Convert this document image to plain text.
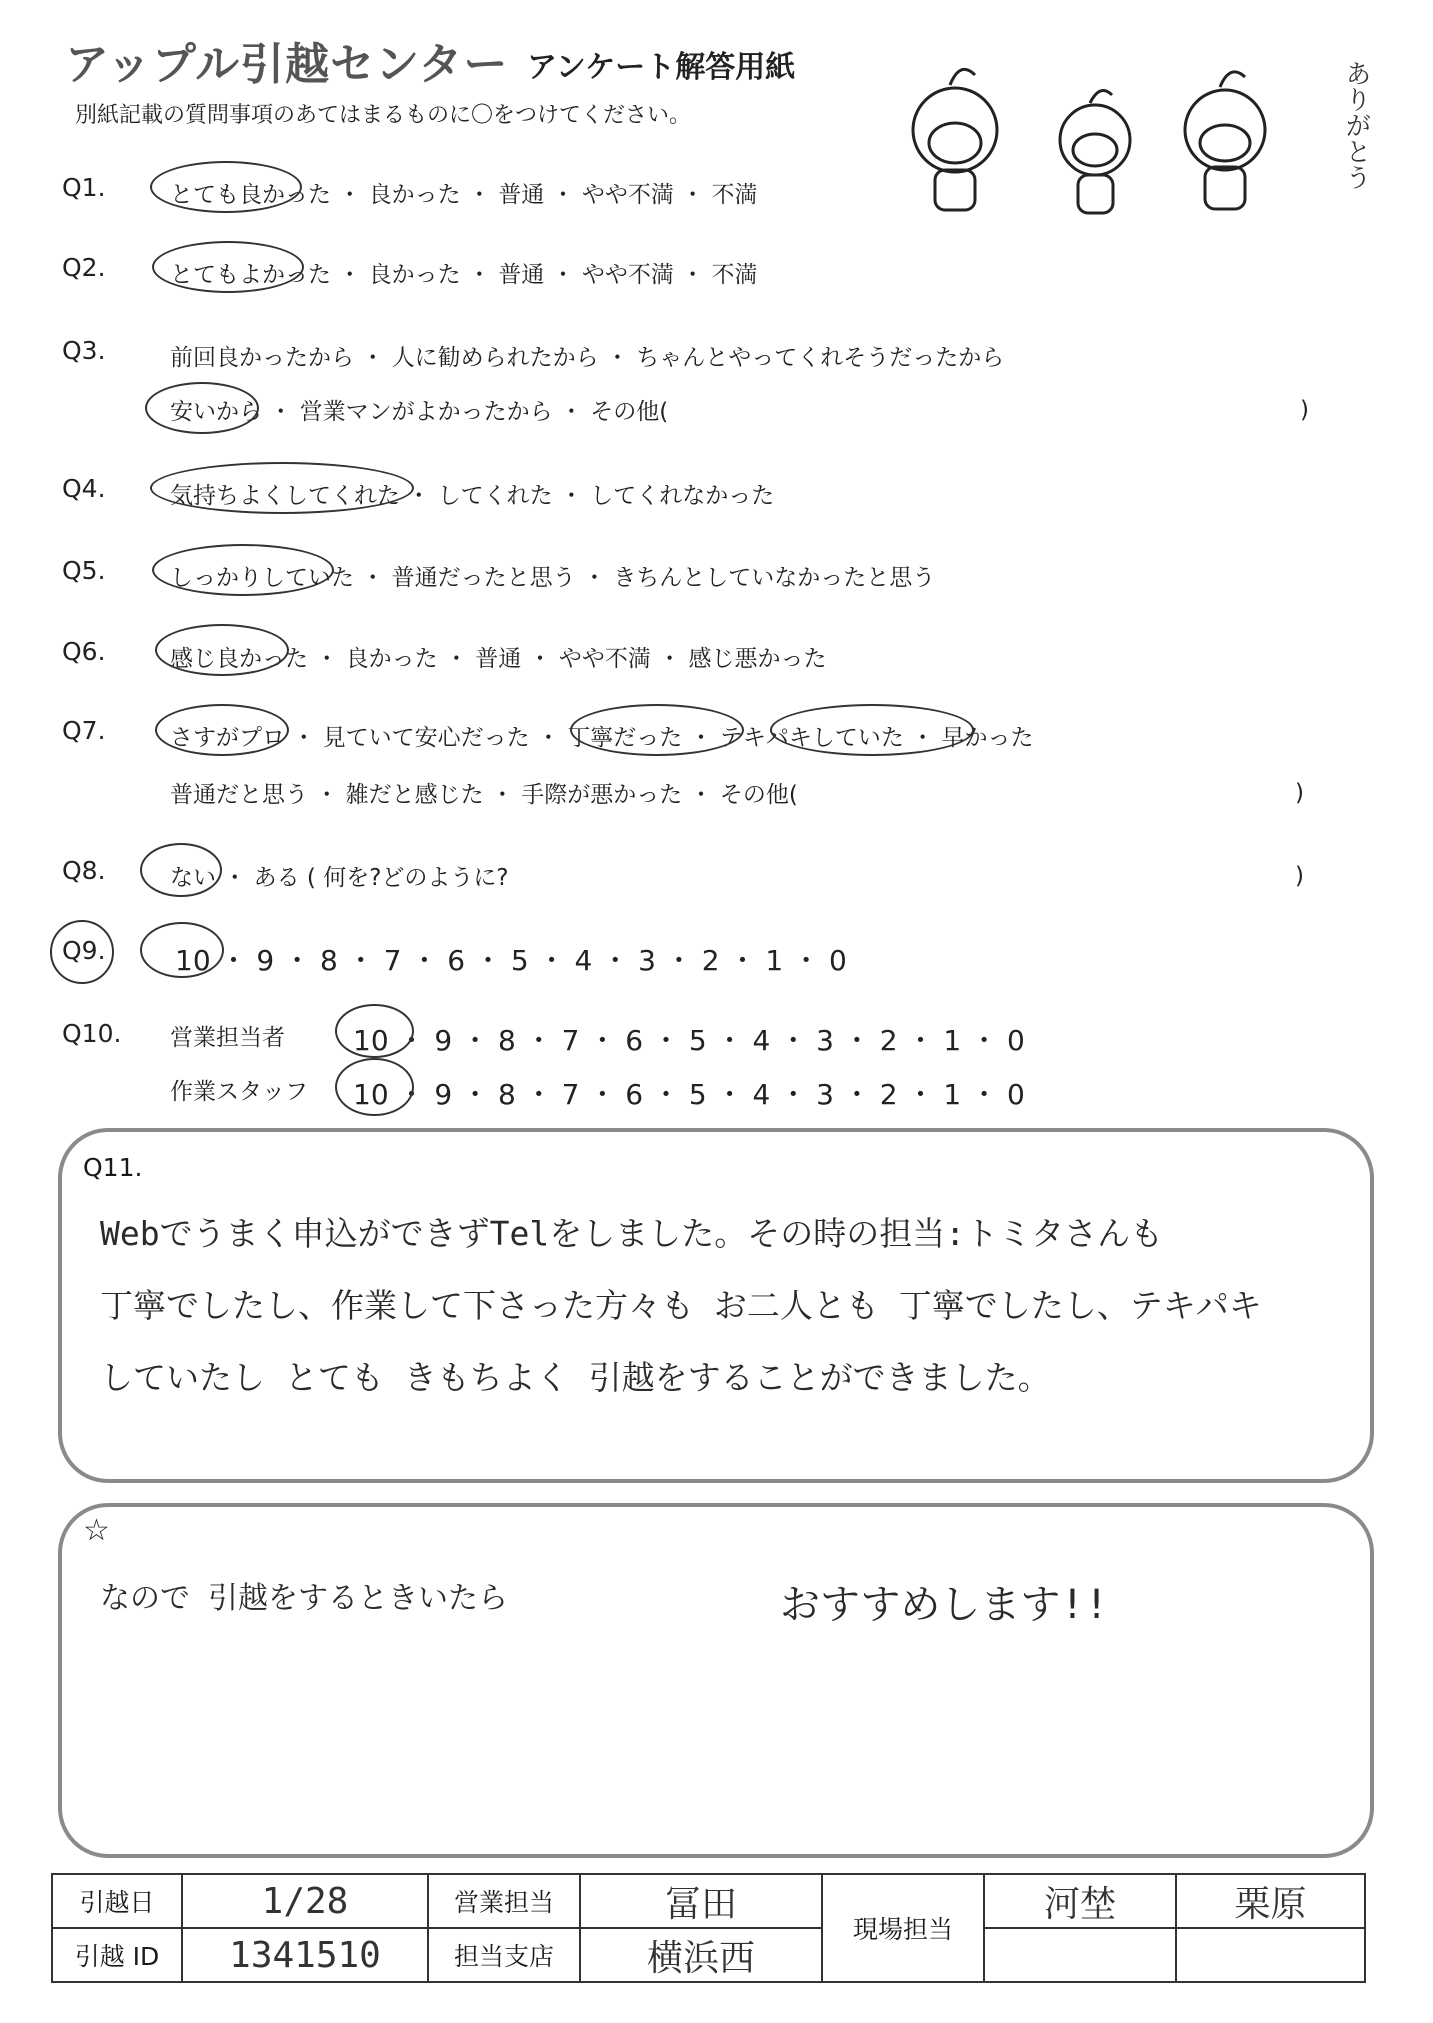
アップル引越センター アンケート解答用紙
別紙記載の質問事項のあてはまるものに〇をつけてください。	ありがとう
Q1.	とても良かった ・ 良かった ・ 普通 ・ やや不満 ・ 不満
Q2.	とてもよかった ・ 良かった ・ 普通 ・ やや不満 ・ 不満
Q3.	前回良かったから ・ 人に勧められたから ・ ちゃんとやってくれそうだったから
安いから ・ 営業マンがよかったから ・ その他(	)
Q4.	気持ちよくしてくれた ・ してくれた ・ してくれなかった
Q5.	しっかりしていた ・ 普通だったと思う ・ きちんとしていなかったと思う
Q6.	感じ良かった ・ 良かった ・ 普通 ・ やや不満 ・ 感じ悪かった
Q7.	さすがプロ ・ 見ていて安心だった ・ 丁寧だった ・ テキパキしていた ・ 早かった
普通だと思う ・ 雑だと感じた ・ 手際が悪かった ・ その他(	)
Q8.	ない ・ ある ( 何を?どのように?	)
Q9. 10 ・ 9 ・ 8 ・ 7 ・ 6 ・ 5 ・ 4 ・ 3 ・ 2 ・ 1 ・ 0
Q10. 営業担当者 10 ・ 9 ・ 8 ・ 7 ・ 6 ・ 5 ・ 4 ・ 3 ・ 2 ・ 1 ・ 0
作業スタッフ 10 ・ 9 ・ 8 ・ 7 ・ 6 ・ 5 ・ 4 ・ 3 ・ 2 ・ 1 ・ 0
Q11.
Webでうまく申込ができずTelをしました。その時の担当:トミタさんも
丁寧でしたし、作業して下さった方々も お二人とも 丁寧でしたし、テキパキ
していたし とても きもちよく 引越をすることができました。
☆
なので 引越をするときいたら	おすすめします!!
引越日	1/28	営業担当	冨田	現場担当	河埜	栗原
引越 ID	1341510	担当支店	横浜西			
